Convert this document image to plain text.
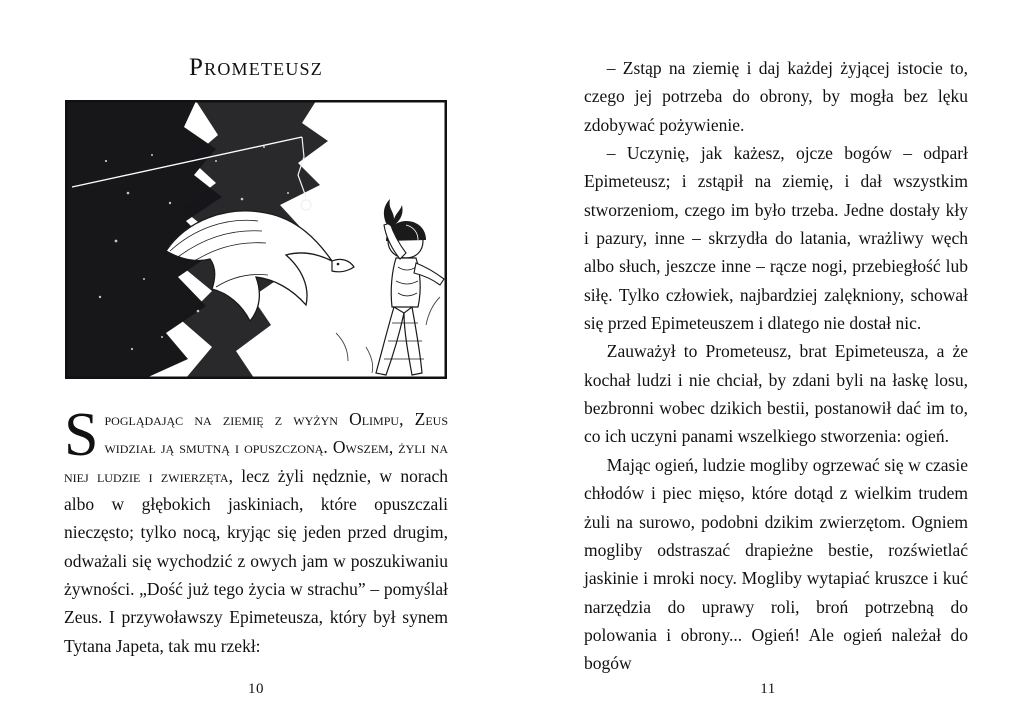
Prometeusz

Spoglądając na ziemię z wyżyn Olimpu, Zeus widział ją smutną i opuszczoną. Owszem, żyli na niej ludzie i zwierzęta, lecz żyli nędznie, w norach albo w głębokich jaskiniach, które opuszczali nieczęsto; tylko nocą, kryjąc się jeden przed drugim, odważali się wychodzić z owych jam w poszukiwaniu żywności. „Dość już tego życia w strachu” – pomyślał Zeus. I przywoławszy Epimeteusza, który był synem Tytana Japeta, tak mu rzekł:

10

– Zstąp na ziemię i daj każdej żyjącej istocie to, czego jej potrzeba do obrony, by mogła bez lęku zdobywać pożywienie.

– Uczynię, jak każesz, ojcze bogów – odparł Epimeteusz; i zstąpił na ziemię, i dał wszystkim stworzeniom, czego im było trzeba. Jedne dostały kły i pazury, inne – skrzydła do latania, wrażliwy węch albo słuch, jeszcze inne – rącze nogi, przebiegłość lub siłę. Tylko człowiek, najbardziej zalękniony, schował się przed Epimeteuszem i dlatego nie dostał nic.

Zauważył to Prometeusz, brat Epimeteusza, a że kochał ludzi i nie chciał, by zdani byli na łaskę losu, bezbronni wobec dzikich bestii, postanowił dać im to, co ich uczyni panami wszelkiego stworzenia: ogień.

Mając ogień, ludzie mogliby ogrzewać się w czasie chłodów i piec mięso, które dotąd z wielkim trudem żuli na surowo, podobni dzikim zwierzętom. Ogniem mogliby odstraszać drapieżne bestie, rozświetlać jaskinie i mroki nocy. Mogliby wytapiać kruszce i kuć narzędzia do uprawy roli, broń potrzebną do polowania i obrony... Ogień! Ale ogień należał do bogów

11
